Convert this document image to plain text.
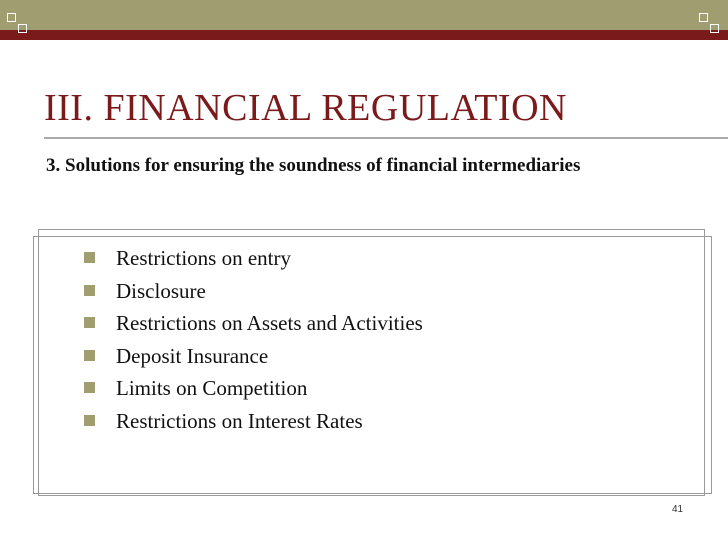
III. FINANCIAL REGULATION
3. Solutions for ensuring the soundness of financial intermediaries
Restrictions on entry
Disclosure
Restrictions on Assets and Activities
Deposit Insurance
Limits on Competition
Restrictions on Interest Rates
41
